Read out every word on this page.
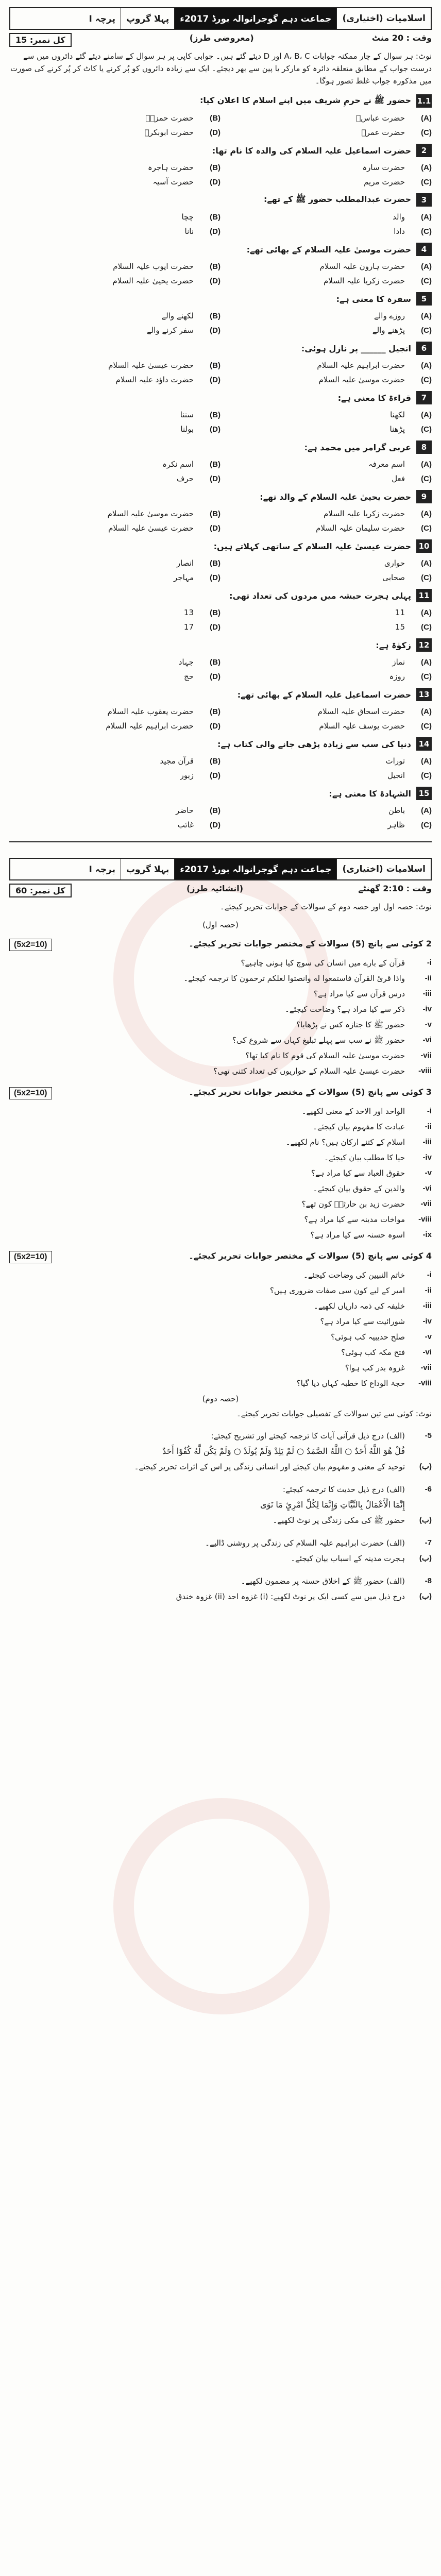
اسلامیات (اختیاری)
جماعت دہم گوجرانوالہ بورڈ 2017ء
پہلا گروپ
پرچہ I
وقت : 20 منٹ
(معروضی طرز)
کل نمبر: 15
نوٹ: ہر سوال کے چار ممکنہ جوابات A، B، C اور D دیئے گئے ہیں۔ جوابی کاپی پر ہر سوال کے سامنے دیئے گئے دائروں میں سے درست جواب کے مطابق متعلقہ دائرہ کو مارکر یا پین سے بھر دیجئے۔ ایک سے زیادہ دائروں کو پُر کرنے یا کاٹ کر پُر کرنے کی صورت میں مذکورہ جواب غلط تصور ہوگا۔
1.1
حضور ﷺ نے حرمِ شریف میں اپنے اسلام کا اعلان کیا:
(A)
حضرت عباسؓ
(B)
حضرت حمزہؓ
(C)
حضرت عمرؓ
(D)
حضرت ابوبکرؓ
2
حضرت اسماعیل علیہ السلام کی والدہ کا نام تھا:
(A)
حضرت سارہ
(B)
حضرت ہاجرہ
(C)
حضرت مریم
(D)
حضرت آسیہ
3
حضرت عبدالمطلب حضور ﷺ کے تھے:
(A)
والد
(B)
چچا
(C)
دادا
(D)
نانا
4
حضرت موسیٰ علیہ السلام کے بھائی تھے:
(A)
حضرت ہارون علیہ السلام
(B)
حضرت ایوب علیہ السلام
(C)
حضرت زکریا علیہ السلام
(D)
حضرت یحییٰ علیہ السلام
5
سفرہ کا معنی ہے:
(A)
روزے والے
(B)
لکھنے والے
(C)
پڑھنے والے
(D)
سفر کرنے والے
6
انجیل ______ پر نازل ہوئی:
(A)
حضرت ابراہیم علیہ السلام
(B)
حضرت عیسیٰ علیہ السلام
(C)
حضرت موسیٰ علیہ السلام
(D)
حضرت داؤد علیہ السلام
7
قراءۃ کا معنی ہے:
(A)
لکھنا
(B)
سننا
(C)
پڑھنا
(D)
بولنا
8
عربی گرامر میں محمد ہے:
(A)
اسم معرفہ
(B)
اسم نکرہ
(C)
فعل
(D)
حرف
9
حضرت یحییٰ علیہ السلام کے والد تھے:
(A)
حضرت زکریا علیہ السلام
(B)
حضرت موسیٰ علیہ السلام
(C)
حضرت سلیمان علیہ السلام
(D)
حضرت عیسیٰ علیہ السلام
10
حضرت عیسیٰ علیہ السلام کے ساتھی کہلاتے ہیں:
(A)
حواری
(B)
انصار
(C)
صحابی
(D)
مہاجر
11
پہلی ہجرت حبشہ میں مردوں کی تعداد تھی:
(A)
11
(B)
13
(C)
15
(D)
17
12
زکوٰۃ ہے:
(A)
نماز
(B)
جہاد
(C)
روزہ
(D)
حج
13
حضرت اسماعیل علیہ السلام کے بھائی تھے:
(A)
حضرت اسحاق علیہ السلام
(B)
حضرت یعقوب علیہ السلام
(C)
حضرت یوسف علیہ السلام
(D)
حضرت ابراہیم علیہ السلام
14
دنیا کی سب سے زیادہ پڑھی جانے والی کتاب ہے:
(A)
تورات
(B)
قرآن مجید
(C)
انجیل
(D)
زبور
15
الشہادۃ کا معنی ہے:
(A)
باطن
(B)
حاضر
(C)
ظاہر
(D)
غائب
اسلامیات (اختیاری)
جماعت دہم گوجرانوالہ بورڈ 2017ء
پہلا گروپ
پرچہ I
وقت : 2:10 گھنٹے
(انشائیہ طرز)
کل نمبر: 60
نوٹ: حصہ اول اور حصہ دوم کے سوالات کے جوابات تحریر کیجئے۔
(حصہ اول)
2 کوئی سے پانچ (5) سوالات کے مختصر جوابات تحریر کیجئے۔
(5x2=10)
-i
قرآن کے بارے میں انسان کی سوچ کیا ہونی چاہیے؟
-ii
واذا قرئ القرآن فاستمعوا له وانصتوا لعلكم ترحمون کا ترجمہ کیجئے۔
-iii
درس قرآن سے کیا مراد ہے؟
-iv
ذکر سے کیا مراد ہے؟ وضاحت کیجئے۔
-v
حضور ﷺ کا جنازہ کس نے پڑھایا؟
-vi
حضور ﷺ نے سب سے پہلے تبلیغ کہاں سے شروع کی؟
-vii
حضرت موسیٰ علیہ السلام کی قوم کا نام کیا تھا؟
-viii
حضرت عیسیٰ علیہ السلام کے حواریوں کی تعداد کتنی تھی؟
3 کوئی سے پانچ (5) سوالات کے مختصر جوابات تحریر کیجئے۔
(5x2=10)
-i
الواحد اور الاحد کے معنی لکھیے۔
-ii
عبادت کا مفہوم بیان کیجئے۔
-iii
اسلام کے کتنے ارکان ہیں؟ نام لکھیے۔
-iv
حیا کا مطلب بیان کیجئے۔
-v
حقوق العباد سے کیا مراد ہے؟
-vi
والدین کے حقوق بیان کیجئے۔
-vii
حضرت زید بن حارثہؓ کون تھے؟
-viii
مواخات مدینہ سے کیا مراد ہے؟
-ix
اسوہ حسنہ سے کیا مراد ہے؟
4 کوئی سے پانچ (5) سوالات کے مختصر جوابات تحریر کیجئے۔
(5x2=10)
-i
خاتم النبیین کی وضاحت کیجئے۔
-ii
امیر کے لیے کون سی صفات ضروری ہیں؟
-iii
خلیفہ کی ذمہ داریاں لکھیے۔
-iv
شورائیت سے کیا مراد ہے؟
-v
صلح حدیبیہ کب ہوئی؟
-vi
فتح مکہ کب ہوئی؟
-vii
غزوہ بدر کب ہوا؟
-viii
حجۃ الوداع کا خطبہ کہاں دیا گیا؟
(حصہ دوم)
نوٹ: کوئی سے تین سوالات کے تفصیلی جوابات تحریر کیجئے۔
-5
(الف) درج ذیل قرآنی آیات کا ترجمہ کیجئے اور تشریح کیجئے:
قُلْ هُوَ اللَّهُ أَحَدٌ ○ اللَّهُ الصَّمَدُ ○ لَمْ يَلِدْ وَلَمْ يُولَدْ ○ وَلَمْ يَكُن لَّهُ كُفُوًا أَحَدٌ
(ب)
توحید کے معنی و مفہوم بیان کیجئے اور انسانی زندگی پر اس کے اثرات تحریر کیجئے۔
-6
(الف) درج ذیل حدیث کا ترجمہ کیجئے:
إِنَّمَا الْأَعْمَالُ بِالنِّيَّاتِ وَإِنَّمَا لِكُلِّ امْرِئٍ مَا نَوَى
(ب)
حضور ﷺ کی مکی زندگی پر نوٹ لکھیے۔
-7
(الف) حضرت ابراہیم علیہ السلام کی زندگی پر روشنی ڈالیے۔
(ب)
ہجرت مدینہ کے اسباب بیان کیجئے۔
-8
(الف) حضور ﷺ کے اخلاق حسنہ پر مضمون لکھیے۔
(ب)
درج ذیل میں سے کسی ایک پر نوٹ لکھیے: (i) غزوہ احد (ii) غزوہ خندق
